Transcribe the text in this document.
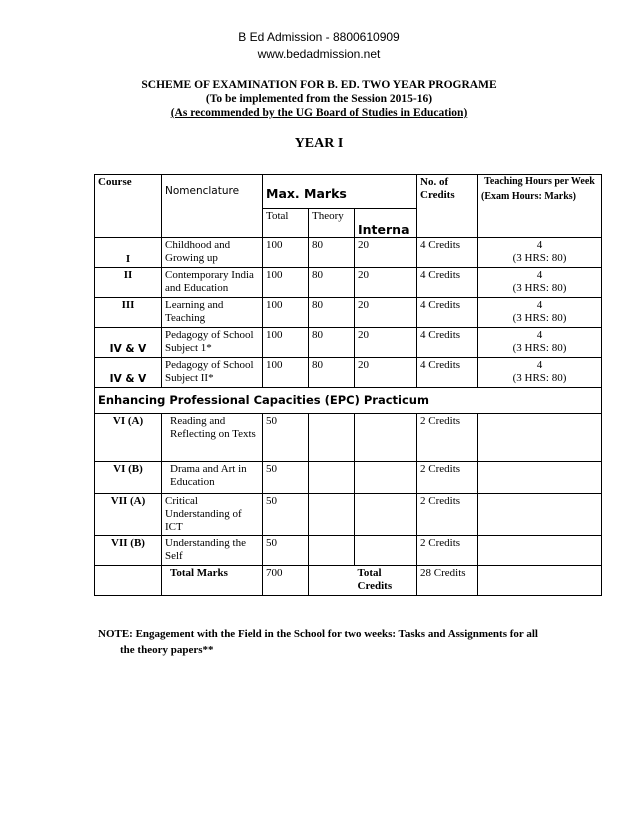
B Ed Admission - 8800610909
www.bedadmission.net
SCHEME OF EXAMINATION FOR B. ED. TWO YEAR PROGRAME
(To be implemented from the Session 2015-16)
(As recommended by the UG Board of Studies in Education)
YEAR I
Course	Nomenclature	Max. Marks			No. of Credits	Teaching Hours per Week
(Exam Hours: Marks)

		Total	Theory	Interna		
I	Childhood and Growing up	100	80	20	4 Credits	4
(3 HRS: 80)

II	Contemporary India and Education	100	80	20	4 Credits	4
(3 HRS: 80)

III	Learning and Teaching	100	80	20	4 Credits	4
(3 HRS: 80)

IV & V	Pedagogy of School Subject 1*	100	80	20	4 Credits	4
(3 HRS: 80)

IV & V	Pedagogy of School Subject II*	100	80	20	4 Credits	4
(3 HRS: 80)

Enhancing Professional Capacities (EPC) Practicum						
VI (A)	Reading and Reflecting on Texts	50			2 Credits	
VI (B)	Drama and Art in Education	50			2 Credits	
VII (A)	Critical Understanding of ICT	50			2 Credits	
VII (B)	Understanding the Self	50			2 Credits	
	Total Marks	700		Total Credits	28 Credits	
NOTE: Engagement with the Field in the School for two weeks: Tasks and Assignments for all
the theory papers**
